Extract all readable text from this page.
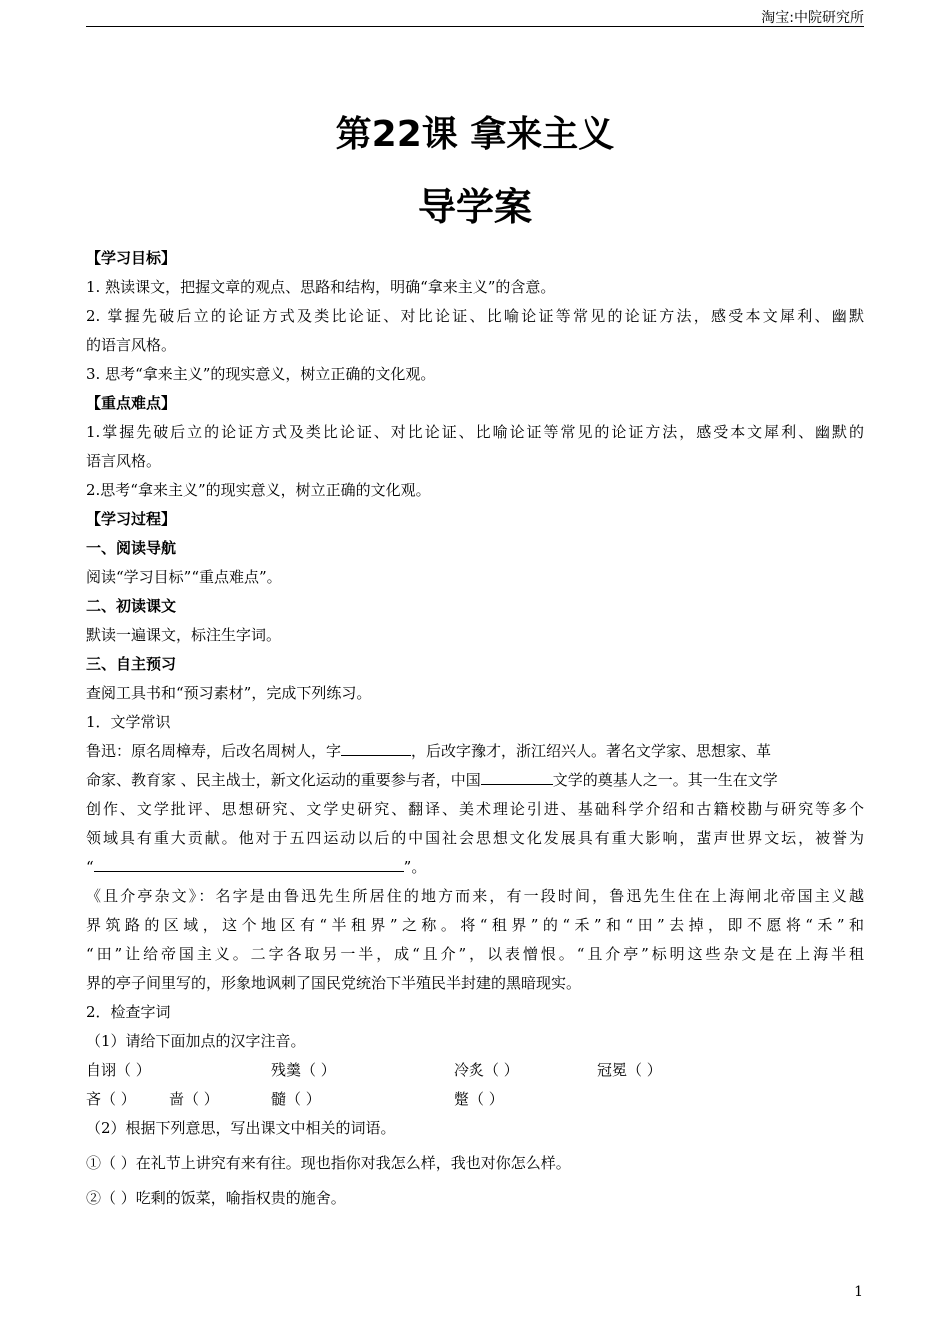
淘宝:中院研究所
第22课 拿来主义
导学案
【学习目标】
1. 熟读课文，把握文章的观点、思路和结构，明确“拿来主义”的含意。
2. 掌握先破后立的论证方式及类比论证、对比论证、比喻论证等常见的论证方法，感受本文犀利、幽默
的语言风格。
3. 思考“拿来主义”的现实意义，树立正确的文化观。
【重点难点】
1.掌握先破后立的论证方式及类比论证、对比论证、比喻论证等常见的论证方法，感受本文犀利、幽默的
语言风格。
2.思考“拿来主义”的现实意义，树立正确的文化观。
【学习过程】
一、阅读导航
阅读“学习目标”“重点难点”。
二、初读课文
默读一遍课文，标注生字词。
三、自主预习
查阅工具书和“预习素材”，完成下列练习。
1．文学常识
鲁迅：原名周樟寿，后改名周树人，字	，后改字豫才，浙江绍兴人。著名文学家、思想家、革
命家、教育家 、民主战士，新文化运动的重要参与者，中国	文学的奠基人之一。其一生在文学
创作、文学批评、思想研究、文学史研究、翻译、美术理论引进、基础科学介绍和古籍校勘与研究等多个
领域具有重大贡献。他对于五四运动以后的中国社会思想文化发展具有重大影响，蜚声世界文坛，被誉为
“	”。
《且介亭杂文》：名字是由鲁迅先生所居住的地方而来，有一段时间，鲁迅先生住在上海闸北帝国主义越
界筑路的区域，这个地区有“半租界”之称。将“租界”的“禾”和“田”去掉，即不愿将“禾”和
“田”让给帝国主义。二字各取另一半，成“且介”，以表憎恨。“且介亭”标明这些杂文是在上海半租
界的亭子间里写的，形象地讽刺了国民党统治下半殖民半封建的黑暗现实。
2．检查字词
（1）请给下面加点的汉字注音。
自诩（ ）	残羹（ ）	冷炙（ ）	冠冕（ ）
吝（ ） 啬（ ）	髓（ ）	蹩（ ）
（2）根据下列意思，写出课文中相关的词语。
①（ ）在礼节上讲究有来有往。现也指你对我怎么样，我也对你怎么样。
②（ ）吃剩的饭菜，喻指权贵的施舍。
1
